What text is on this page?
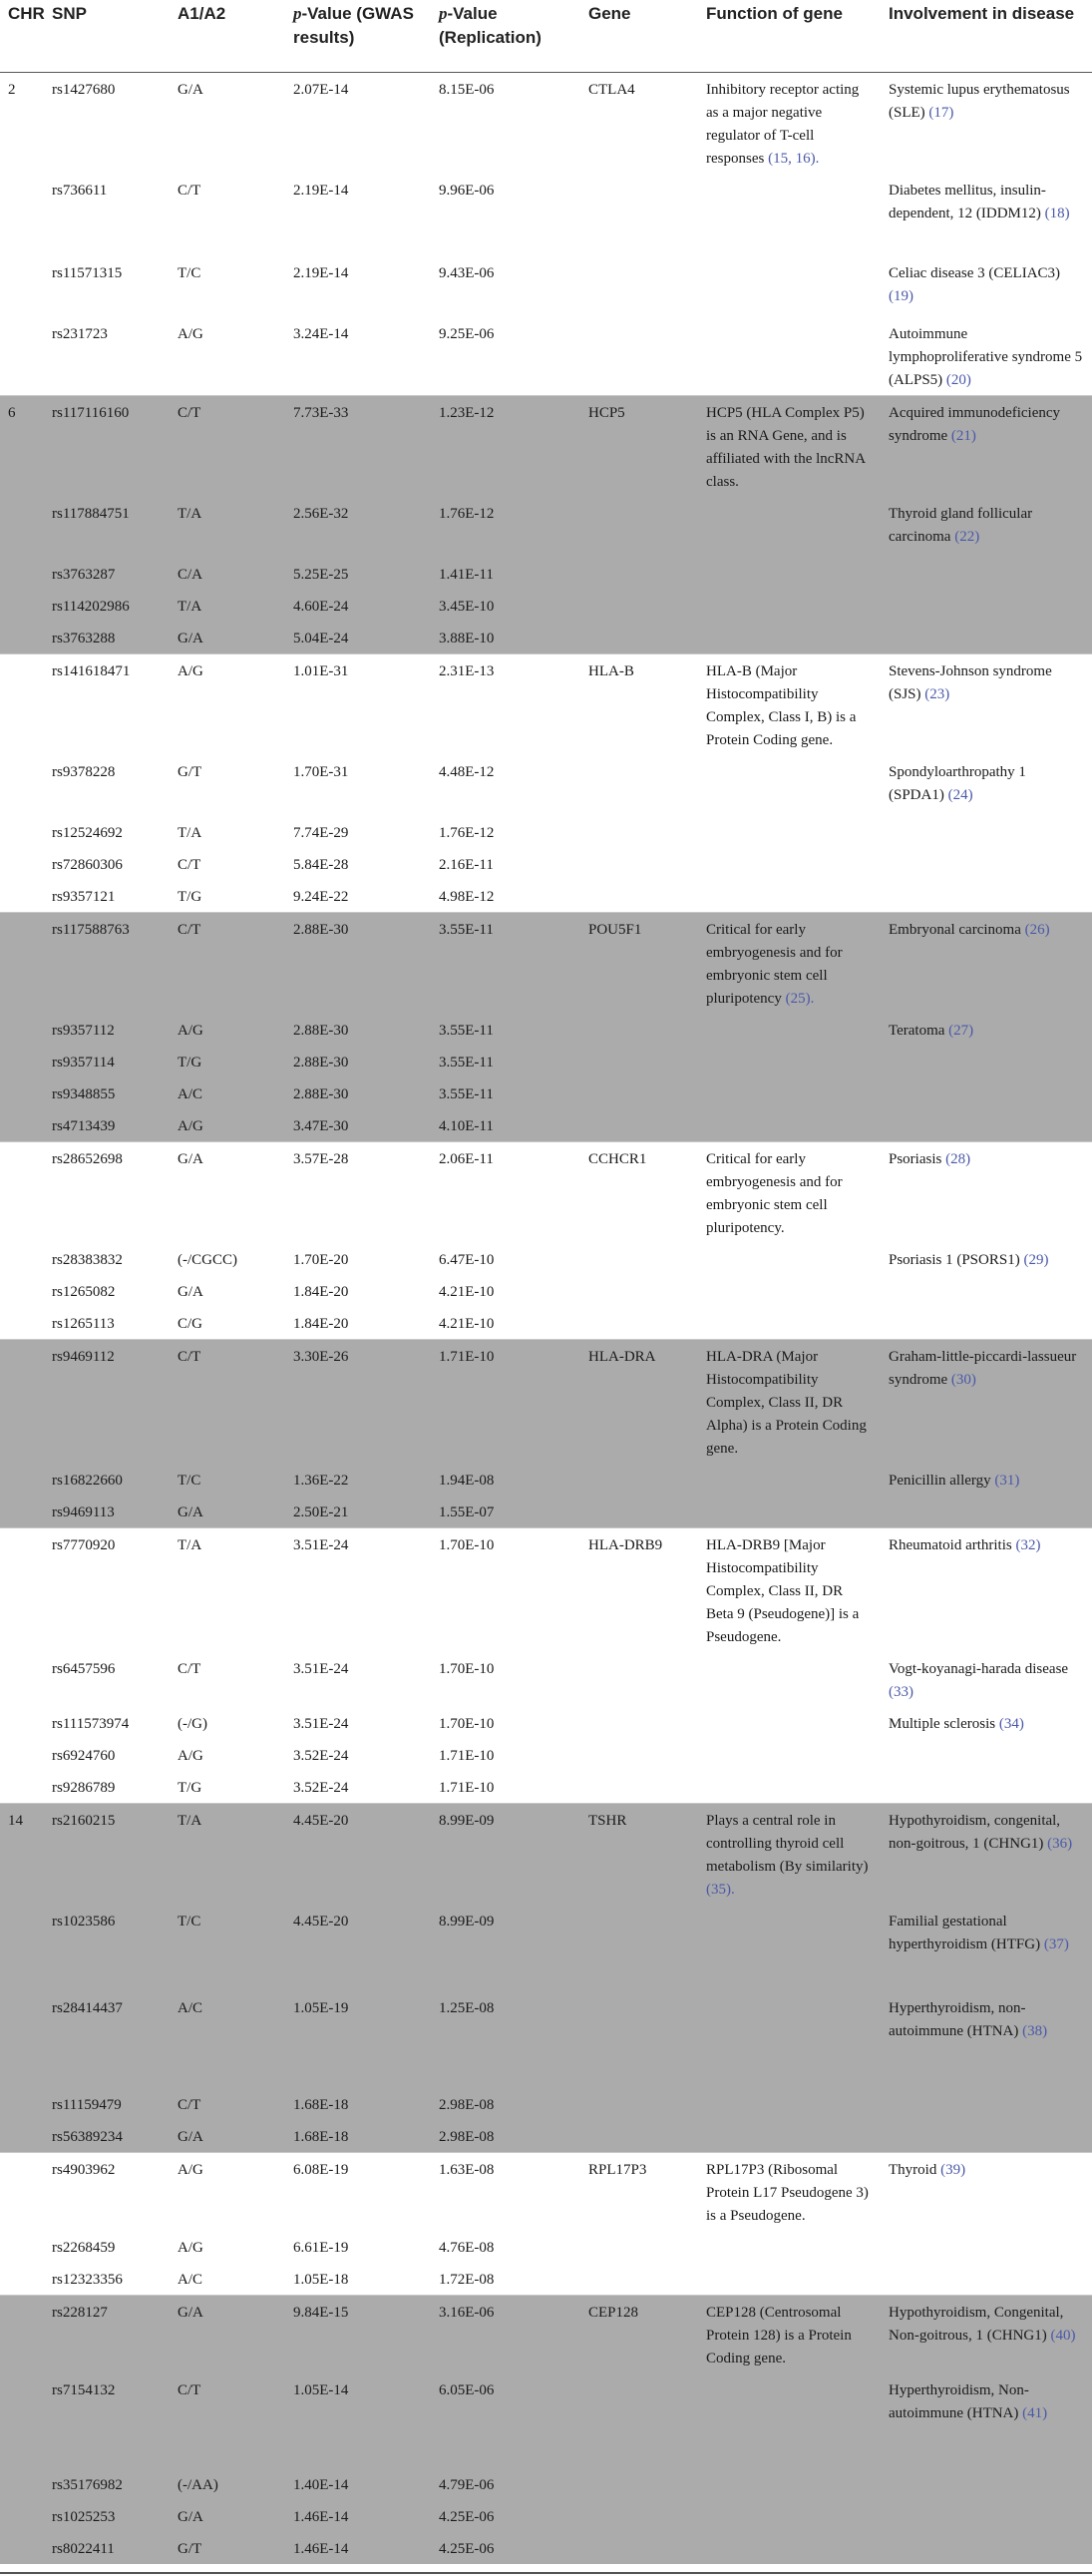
CHR	SNP	A1/A2	p-Value (GWAS results)	p-Value (Replication)	Gene	Function of gene	Involvement in disease
2	rs1427680	G/A	2.07E-14	8.15E-06	CTLA4	Inhibitory receptor acting as a major negative regulator of T-cell responses (15, 16).	Systemic lupus erythematosus (SLE) (17)
	rs736611	C/T	2.19E-14	9.96E-06			Diabetes mellitus, insulin-dependent, 12 (IDDM12) (18)
	rs11571315	T/C	2.19E-14	9.43E-06			Celiac disease 3 (CELIAC3) (19)
	rs231723	A/G	3.24E-14	9.25E-06			Autoimmune lymphoproliferative syndrome 5 (ALPS5) (20)
6	rs117116160	C/T	7.73E-33	1.23E-12	HCP5	HCP5 (HLA Complex P5) is an RNA Gene, and is affiliated with the lncRNA class.	Acquired immunodeficiency syndrome (21)
	rs117884751	T/A	2.56E-32	1.76E-12			Thyroid gland follicular carcinoma (22)
	rs3763287	C/A	5.25E-25	1.41E-11			
	rs114202986	T/A	4.60E-24	3.45E-10			
	rs3763288	G/A	5.04E-24	3.88E-10			
	rs141618471	A/G	1.01E-31	2.31E-13	HLA-B	HLA-B (Major Histocompatibility Complex, Class I, B) is a Protein Coding gene.	Stevens-Johnson syndrome (SJS) (23)
	rs9378228	G/T	1.70E-31	4.48E-12			Spondyloarthropathy 1 (SPDA1) (24)
	rs12524692	T/A	7.74E-29	1.76E-12			
	rs72860306	C/T	5.84E-28	2.16E-11			
	rs9357121	T/G	9.24E-22	4.98E-12			
	rs117588763	C/T	2.88E-30	3.55E-11	POU5F1	Critical for early embryogenesis and for embryonic stem cell pluripotency (25).	Embryonal carcinoma (26)
	rs9357112	A/G	2.88E-30	3.55E-11			Teratoma (27)
	rs9357114	T/G	2.88E-30	3.55E-11			
	rs9348855	A/C	2.88E-30	3.55E-11			
	rs4713439	A/G	3.47E-30	4.10E-11			
	rs28652698	G/A	3.57E-28	2.06E-11	CCHCR1	Critical for early embryogenesis and for embryonic stem cell pluripotency.	Psoriasis (28)
	rs28383832	(-/CGCC)	1.70E-20	6.47E-10			Psoriasis 1 (PSORS1) (29)
	rs1265082	G/A	1.84E-20	4.21E-10			
	rs1265113	C/G	1.84E-20	4.21E-10			
	rs9469112	C/T	3.30E-26	1.71E-10	HLA-DRA	HLA-DRA (Major Histocompatibility Complex, Class II, DR Alpha) is a Protein Coding gene.	Graham-little-piccardi-lassueur syndrome (30)
	rs16822660	T/C	1.36E-22	1.94E-08			Penicillin allergy (31)
	rs9469113	G/A	2.50E-21	1.55E-07			
	rs7770920	T/A	3.51E-24	1.70E-10	HLA-DRB9	HLA-DRB9 [Major Histocompatibility Complex, Class II, DR Beta 9 (Pseudogene)] is a Pseudogene.	Rheumatoid arthritis (32)
	rs6457596	C/T	3.51E-24	1.70E-10			Vogt-koyanagi-harada disease (33)
	rs111573974	(-/G)	3.51E-24	1.70E-10			Multiple sclerosis (34)
	rs6924760	A/G	3.52E-24	1.71E-10			
	rs9286789	T/G	3.52E-24	1.71E-10			
14	rs2160215	T/A	4.45E-20	8.99E-09	TSHR	Plays a central role in controlling thyroid cell metabolism (By similarity) (35).	Hypothyroidism, congenital, non-goitrous, 1 (CHNG1) (36)
	rs1023586	T/C	4.45E-20	8.99E-09			Familial gestational hyperthyroidism (HTFG) (37)
	rs28414437	A/C	1.05E-19	1.25E-08			Hyperthyroidism, non-autoimmune (HTNA) (38)
	rs11159479	C/T	1.68E-18	2.98E-08			
	rs56389234	G/A	1.68E-18	2.98E-08			
	rs4903962	A/G	6.08E-19	1.63E-08	RPL17P3	RPL17P3 (Ribosomal Protein L17 Pseudogene 3) is a Pseudogene.	Thyroid (39)
	rs2268459	A/G	6.61E-19	4.76E-08			
	rs12323356	A/C	1.05E-18	1.72E-08			
	rs228127	G/A	9.84E-15	3.16E-06	CEP128	CEP128 (Centrosomal Protein 128) is a Protein Coding gene.	Hypothyroidism, Congenital, Non-goitrous, 1 (CHNG1) (40)
	rs7154132	C/T	1.05E-14	6.05E-06			Hyperthyroidism, Non-autoimmune (HTNA) (41)
	rs35176982	(-/AA)	1.40E-14	4.79E-06			
	rs1025253	G/A	1.46E-14	4.25E-06			
	rs8022411	G/T	1.46E-14	4.25E-06			
